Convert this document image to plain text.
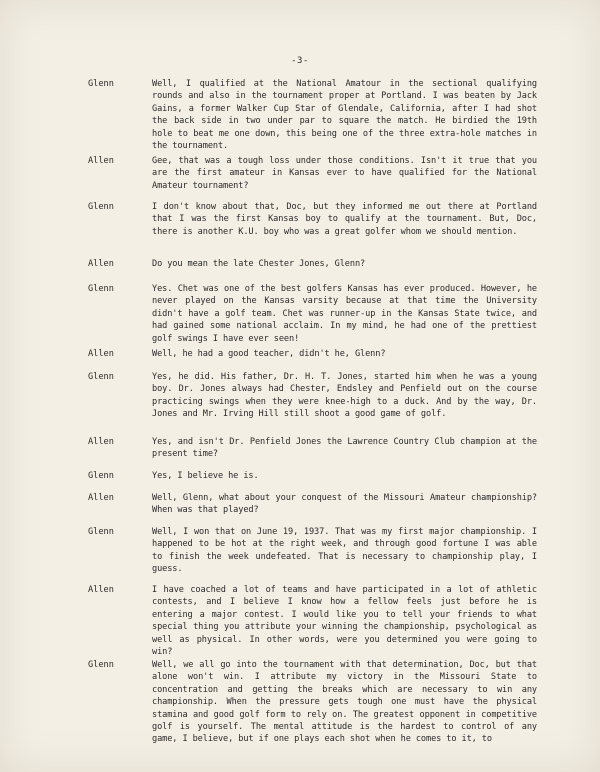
-3-
Glenn	Well, I qualified at the National Amatour in the sectional qualifying rounds and also in the tournament proper at Portland. I was beaten by Jack Gains, a former Walker Cup Star of Glendale, California, after I had shot the back side in two under par to square the match. He birdied the 19th hole to beat me one down, this being one of the three extra-hole matches in the tournament.
Allen	Gee, that was a tough loss under those conditions. Isn't it true that you are the first amateur in Kansas ever to have qualified for the National Amateur tournament?
Glenn	I don't know about that, Doc, but they informed me out there at Portland that I was the first Kansas boy to qualify at the tournament. But, Doc, there is another K.U. boy who was a great golfer whom we should mention.
Allen	Do you mean the late Chester Jones, Glenn?
Glenn	Yes. Chet was one of the best golfers Kansas has ever produced. However, he never played on the Kansas varsity because at that time the University didn't have a golf team. Chet was runner-up in the Kansas State twice, and had gained some national acclaim. In my mind, he had one of the prettiest golf swings I have ever seen!
Allen	Well, he had a good teacher, didn't he, Glenn?
Glenn	Yes, he did. His father, Dr. H. T. Jones, started him when he was a young boy. Dr. Jones always had Chester, Endsley and Penfield out on the course practicing swings when they were knee-high to a duck. And by the way, Dr. Jones and Mr. Irving Hill still shoot a good game of golf.
Allen	Yes, and isn't Dr. Penfield Jones the Lawrence Country Club champion at the present time?
Glenn	Yes, I believe he is.
Allen	Well, Glenn, what about your conquest of the Missouri Amateur championship? When was that played?
Glenn	Well, I won that on June 19, 1937. That was my first major championship. I happened to be hot at the right week, and through good fortune I was able to finish the week undefeated. That is necessary to championship play, I guess.
Allen	I have coached a lot of teams and have participated in a lot of athletic contests, and I believe I know how a fellow feels just before he is entering a major contest. I would like you to tell your friends to what special thing you attribute your winning the championship, psychological as well as physical. In other words, were you determined you were going to win?
Glenn	Well, we all go into the tournament with that determination, Doc, but that alone won't win. I attribute my victory in the Missouri State to concentration and getting the breaks which are necessary to win any championship. When the pressure gets tough one must have the physical stamina and good golf form to rely on. The greatest opponent in competitive golf is yourself. The mental attitude is the hardest to control of any game, I believe, but if one plays each shot when he comes to it, to
